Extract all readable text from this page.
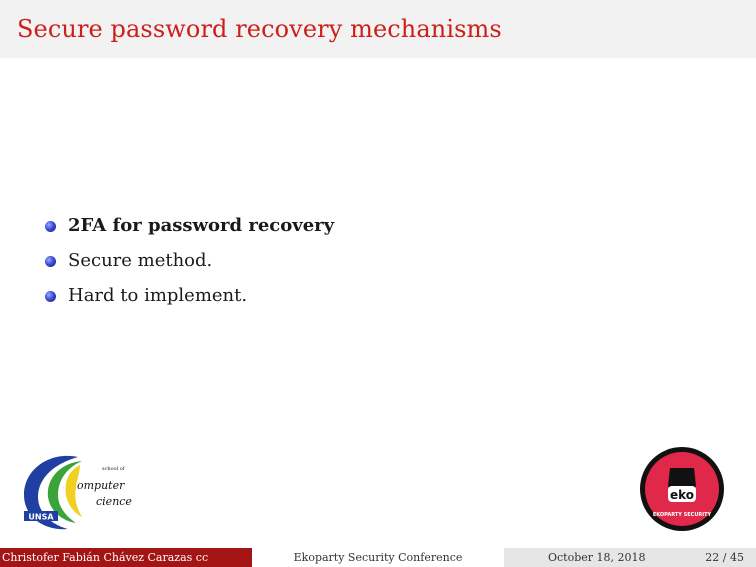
Secure password recovery mechanisms
2FA for password recovery
Secure method.
Hard to implement.
UNSA
school of
omputer
cience	eko
EKOPARTY SECURITY
Christofer Fabián Chávez Carazas cc	Ekoparty Security Conference	October 18, 2018	22 / 45
